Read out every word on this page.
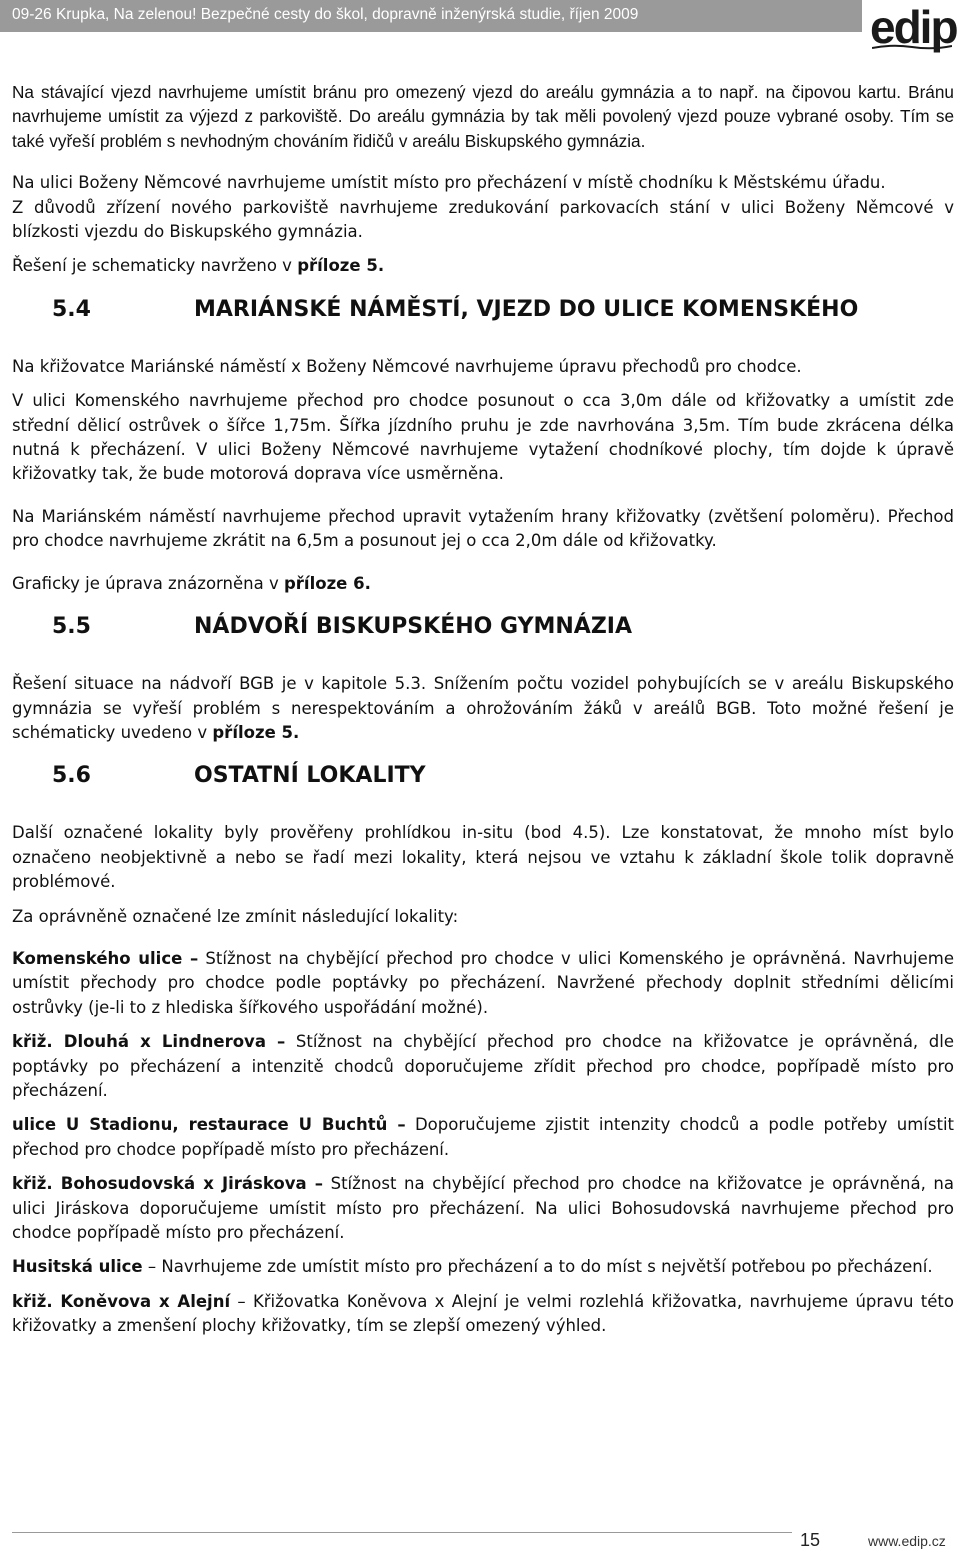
09-26 Krupka, Na zelenou! Bezpečné cesty do škol, dopravně inženýrská studie, říjen 2009	edip

Na stávající vjezd navrhujeme umístit bránu pro omezený vjezd do areálu gymnázia a to např. na čipovou kartu. Bránu navrhujeme umístit za výjezd z parkoviště. Do areálu gymnázia by tak měli povolený vjezd pouze vybrané osoby. Tím se také vyřeší problém s nevhodným chováním řidičů v areálu Biskupského gymnázia.

Na ulici Boženy Němcové navrhujeme umístit místo pro přecházení v místě chodníku k Městskému úřadu.

Z důvodů zřízení nového parkoviště navrhujeme zredukování parkovacích stání v ulici Boženy Němcové v blízkosti vjezdu do Biskupského gymnázia.

Řešení je schematicky navrženo v příloze 5.

5.4	MARIÁNSKÉ NÁMĚSTÍ, VJEZD DO ULICE KOMENSKÉHO

Na křižovatce Mariánské náměstí x Boženy Němcové navrhujeme úpravu přechodů pro chodce.

V ulici Komenského navrhujeme přechod pro chodce posunout o cca 3,0m dále od křižovatky a umístit zde střední dělicí ostrůvek o šířce 1,75m. Šířka jízdního pruhu je zde navrhována 3,5m. Tím bude zkrácena délka nutná k přecházení. V ulici Boženy Němcové navrhujeme vytažení chodníkové plochy, tím dojde k úpravě křižovatky tak, že bude motorová doprava více usměrněna.

Na Mariánském náměstí navrhujeme přechod upravit vytažením hrany křižovatky (zvětšení poloměru). Přechod pro chodce navrhujeme zkrátit na 6,5m a posunout jej o cca 2,0m dále od křižovatky.

Graficky je úprava znázorněna v příloze 6.

5.5	NÁDVOŘÍ BISKUPSKÉHO GYMNÁZIA

Řešení situace na nádvoří BGB je v kapitole 5.3. Snížením počtu vozidel pohybujících se v areálu Biskupského gymnázia se vyřeší problém s nerespektováním a ohrožováním žáků v areálů BGB. Toto možné řešení je schématicky uvedeno v příloze 5.

5.6	OSTATNÍ LOKALITY

Další označené lokality byly prověřeny prohlídkou in-situ (bod 4.5). Lze konstatovat, že mnoho míst bylo označeno neobjektivně a nebo se řadí mezi lokality, která nejsou ve vztahu k základní škole tolik dopravně problémové.

Za oprávněně označené lze zmínit následující lokality:

Komenského ulice – Stížnost na chybějící přechod pro chodce v ulici Komenského je oprávněná. Navrhujeme umístit přechody pro chodce podle poptávky po přecházení. Navržené přechody doplnit středními dělicími ostrůvky (je-li to z hlediska šířkového uspořádání možné).

křiž. Dlouhá x Lindnerova – Stížnost na chybějící přechod pro chodce na křižovatce je oprávněná, dle poptávky po přecházení a intenzitě chodců doporučujeme zřídit přechod pro chodce, popřípadě místo pro přecházení.

ulice U Stadionu, restaurace U Buchtů – Doporučujeme zjistit intenzity chodců a podle potřeby umístit přechod pro chodce popřípadě místo pro přecházení.

křiž. Bohosudovská x Jiráskova – Stížnost na chybějící přechod pro chodce na křižovatce je oprávněná, na ulici Jiráskova doporučujeme umístit místo pro přecházení. Na ulici Bohosudovská navrhujeme přechod pro chodce popřípadě místo pro přecházení.

Husitská ulice – Navrhujeme zde umístit místo pro přecházení a to do míst s největší potřebou po přecházení.

křiž. Koněvova x Alejní – Křižovatka Koněvova x Alejní je velmi rozlehlá křižovatka, navrhujeme úpravu této křižovatky a zmenšení plochy křižovatky, tím se zlepší omezený výhled.

15	www.edip.cz
